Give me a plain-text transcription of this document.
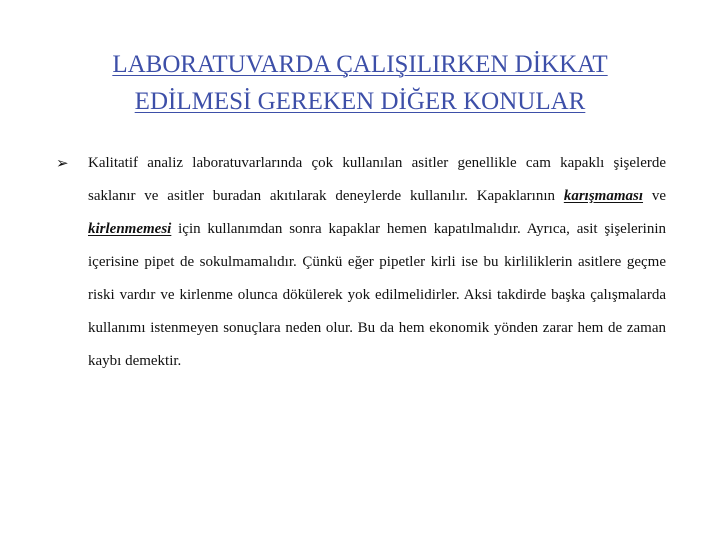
LABORATUVARDA ÇALIŞILIRKEN DİKKAT
EDİLMESİ GEREKEN DİĞER KONULAR
➢ Kalitatif analiz laboratuvarlarında çok kullanılan asitler genellikle cam kapaklı şişelerde saklanır ve asitler buradan akıtılarak deneylerde kullanılır. Kapaklarının karışmaması ve kirlenmemesi için kullanımdan sonra kapaklar hemen kapatılmalıdır. Ayrıca, asit şişelerinin içerisine pipet de sokulmamalıdır. Çünkü eğer pipetler kirli ise bu kirliliklerin asitlere geçme riski vardır ve kirlenme olunca dökülerek yok edilmelidirler. Aksi takdirde başka çalışmalarda kullanımı istenmeyen sonuçlara neden olur. Bu da hem ekonomik yönden zarar hem de zaman kaybı demektir.
